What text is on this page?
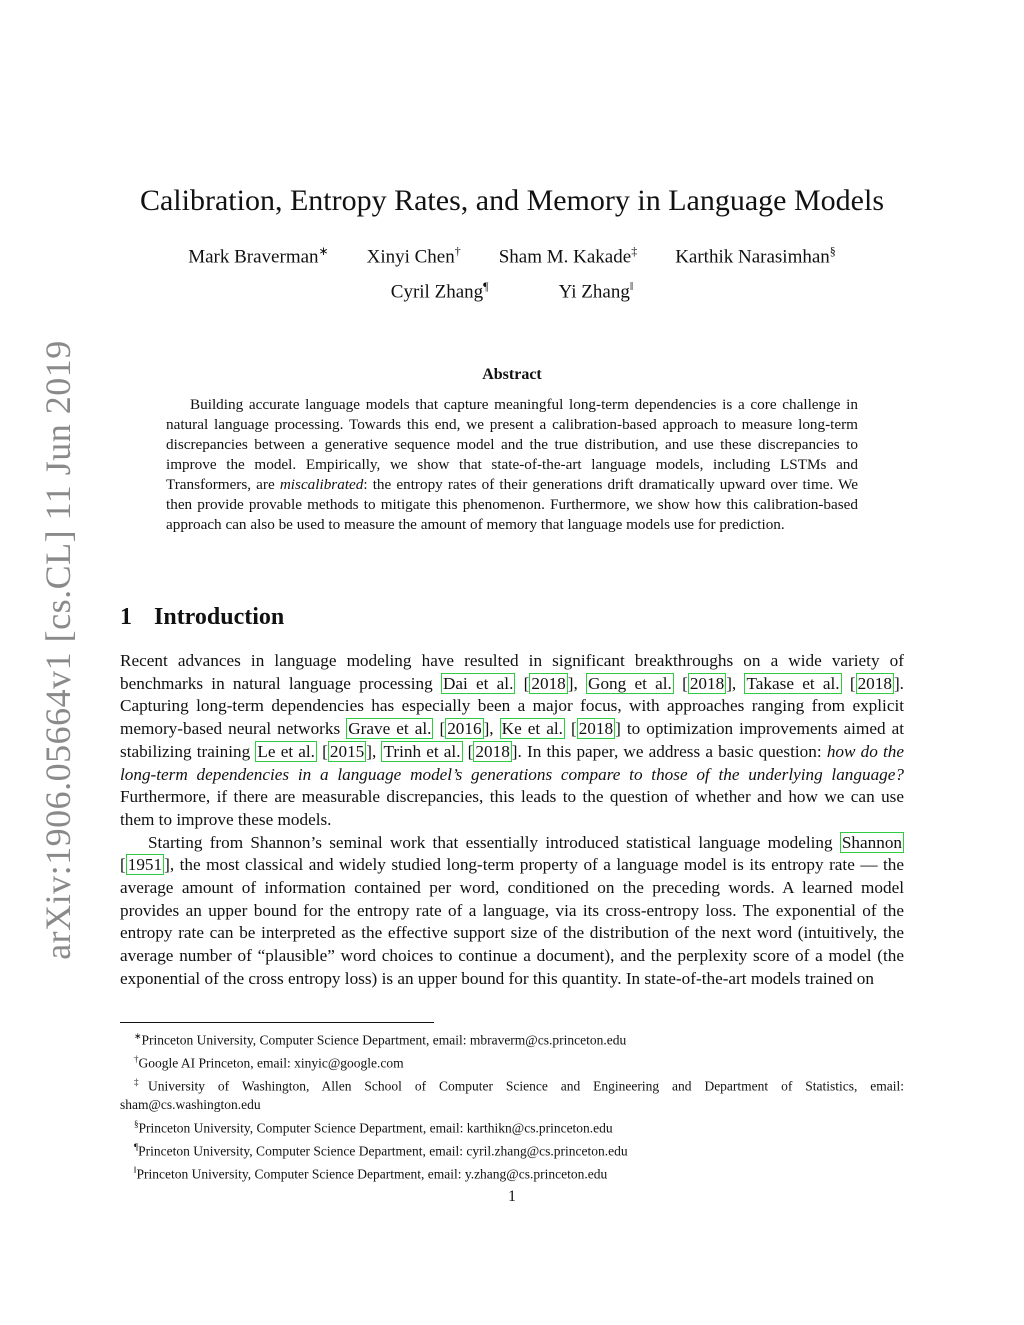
arXiv:1906.05664v1 [cs.CL] 11 Jun 2019
Calibration, Entropy Rates, and Memory in Language Models
Mark Braverman∗ Xinyi Chen† Sham M. Kakade‡ Karthik Narasimhan§
Cyril Zhang¶	Yi Zhang‖
Abstract
Building accurate language models that capture meaningful long-term dependencies is a core challenge in natural language processing. Towards this end, we present a calibration-based approach to measure long-term discrepancies between a generative sequence model and the true distribution, and use these discrepancies to improve the model. Empirically, we show that state-of-the-art language models, including LSTMs and Transformers, are miscalibrated: the entropy rates of their generations drift dramatically upward over time. We then provide provable methods to mitigate this phenomenon. Furthermore, we show how this calibration-based approach can also be used to measure the amount of memory that language models use for prediction.
1 Introduction

Recent advances in language modeling have resulted in significant breakthroughs on a wide variety of benchmarks in natural language processing Dai et al. [ 2018 ], Gong et al. [ 2018 ], Takase et al. [ 2018 ]. Capturing long-term dependencies has especially been a major focus, with approaches ranging from explicit memory-based neural networks Grave et al. [ 2016 ], Ke et al. [ 2018 ] to optimization improvements aimed at stabilizing training Le et al. [ 2015 ], Trinh et al. [ 2018 ]. In this paper, we address a basic question: how do the long-term dependencies in a language model’s generations compare to those of the underlying language? Furthermore, if there are measurable discrepancies, this leads to the question of whether and how we can use them to improve these models.

Starting from Shannon’s seminal work that essentially introduced statistical language modeling Shannon [ 1951 ], the most classical and widely studied long-term property of a language model is its entropy rate — the average amount of information contained per word, conditioned on the preceding words. A learned model provides an upper bound for the entropy rate of a language, via its cross-entropy loss. The exponential of the entropy rate can be interpreted as the effective support size of the distribution of the next word (intuitively, the average number of “plausible” word choices to continue a document), and the perplexity score of a model (the exponential of the cross entropy loss) is an upper bound for this quantity. In state-of-the-art models trained on

∗Princeton University, Computer Science Department, email: mbraverm@cs.princeton.edu
†Google AI Princeton, email: xinyic@google.com
‡University of Washington, Allen School of Computer Science and Engineering and Department of Statistics, email: sham@cs.washington.edu
§Princeton University, Computer Science Department, email: karthikn@cs.princeton.edu
¶Princeton University, Computer Science Department, email: cyril.zhang@cs.princeton.edu
‖Princeton University, Computer Science Department, email: y.zhang@cs.princeton.edu
1
